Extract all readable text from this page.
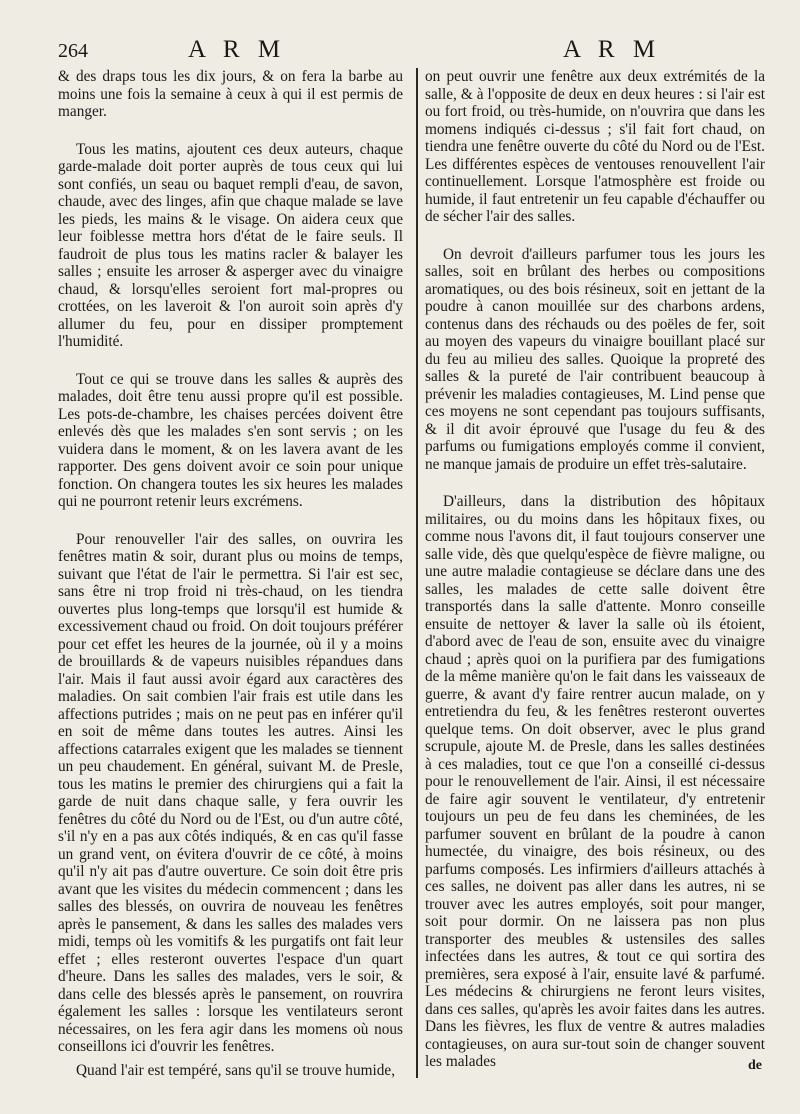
264	A R M	A R M

& des draps tous les dix jours, & on fera la barbe au moins une fois la semaine à ceux à qui il est permis de manger.

Tous les matins, ajoutent ces deux auteurs, chaque garde-malade doit porter auprès de tous ceux qui lui sont confiés, un seau ou baquet rempli d'eau, de savon, chaude, avec des linges, afin que chaque malade se lave les pieds, les mains & le visage. On aidera ceux que leur foiblesse mettra hors d'état de le faire seuls. Il faudroit de plus tous les matins racler & balayer les salles ; ensuite les arroser & asperger avec du vinaigre chaud, & lorsqu'elles seroient fort mal-propres ou crottées, on les laveroit & l'on auroit soin après d'y allumer du feu, pour en dissiper promptement l'humidité.

Tout ce qui se trouve dans les salles & auprès des malades, doit être tenu aussi propre qu'il est possible. Les pots-de-chambre, les chaises percées doivent être enlevés dès que les malades s'en sont servis ; on les vuidera dans le moment, & on les lavera avant de les rapporter. Des gens doivent avoir ce soin pour unique fonction. On changera toutes les six heures les malades qui ne pourront retenir leurs excrémens.

Pour renouveller l'air des salles, on ouvrira les fenêtres matin & soir, durant plus ou moins de temps, suivant que l'état de l'air le permettra. Si l'air est sec, sans être ni trop froid ni très-chaud, on les tiendra ouvertes plus long-temps que lorsqu'il est humide & excessivement chaud ou froid. On doit toujours préférer pour cet effet les heures de la journée, où il y a moins de brouillards & de vapeurs nuisibles répandues dans l'air. Mais il faut aussi avoir égard aux caractères des maladies. On sait combien l'air frais est utile dans les affections putrides ; mais on ne peut pas en inférer qu'il en soit de même dans toutes les autres. Ainsi les affections catarrales exigent que les malades se tiennent un peu chaudement. En général, suivant M. de Presle, tous les matins le premier des chirurgiens qui a fait la garde de nuit dans chaque salle, y fera ouvrir les fenêtres du côté du Nord ou de l'Est, ou d'un autre côté, s'il n'y en a pas aux côtés indiqués, & en cas qu'il fasse un grand vent, on évitera d'ouvrir de ce côté, à moins qu'il n'y ait pas d'autre ouverture. Ce soin doit être pris avant que les visites du médecin commencent ; dans les salles des blessés, on ouvrira de nouveau les fenêtres après le pansement, & dans les salles des malades vers midi, temps où les vomitifs & les purgatifs ont fait leur effet ; elles resteront ouvertes l'espace d'un quart d'heure. Dans les salles des malades, vers le soir, & dans celle des blessés après le pansement, on rouvrira également les salles : lorsque les ventilateurs seront nécessaires, on les fera agir dans les momens où nous conseillons ici d'ouvrir les fenêtres.

Quand l'air est tempéré, sans qu'il se trouve humide,

on peut ouvrir une fenêtre aux deux extrémités de la salle, & à l'opposite de deux en deux heures : si l'air est ou fort froid, ou très-humide, on n'ouvrira que dans les momens indiqués ci-dessus ; s'il fait fort chaud, on tiendra une fenêtre ouverte du côté du Nord ou de l'Est. Les différentes espèces de ventouses renouvellent l'air continuellement. Lorsque l'atmosphère est froide ou humide, il faut entretenir un feu capable d'échauffer ou de sécher l'air des salles.

On devroit d'ailleurs parfumer tous les jours les salles, soit en brûlant des herbes ou compositions aromatiques, ou des bois résineux, soit en jettant de la poudre à canon mouillée sur des charbons ardens, contenus dans des réchauds ou des poëles de fer, soit au moyen des vapeurs du vinaigre bouillant placé sur du feu au milieu des salles. Quoique la propreté des salles & la pureté de l'air contribuent beaucoup à prévenir les maladies contagieuses, M. Lind pense que ces moyens ne sont cependant pas toujours suffisants, & il dit avoir éprouvé que l'usage du feu & des parfums ou fumigations employés comme il convient, ne manque jamais de produire un effet très-salutaire.

D'ailleurs, dans la distribution des hôpitaux militaires, ou du moins dans les hôpitaux fixes, ou comme nous l'avons dit, il faut toujours conserver une salle vide, dès que quelqu'espèce de fièvre maligne, ou une autre maladie contagieuse se déclare dans une des salles, les malades de cette salle doivent être transportés dans la salle d'attente. Monro conseille ensuite de nettoyer & laver la salle où ils étoient, d'abord avec de l'eau de son, ensuite avec du vinaigre chaud ; après quoi on la purifiera par des fumigations de la même manière qu'on le fait dans les vaisseaux de guerre, & avant d'y faire rentrer aucun malade, on y entretiendra du feu, & les fenêtres resteront ouvertes quelque tems. On doit observer, avec le plus grand scrupule, ajoute M. de Presle, dans les salles destinées à ces maladies, tout ce que l'on a conseillé ci-dessus pour le renouvellement de l'air. Ainsi, il est nécessaire de faire agir souvent le ventilateur, d'y entretenir toujours un peu de feu dans les cheminées, de les parfumer souvent en brûlant de la poudre à canon humectée, du vinaigre, des bois résineux, ou des parfums composés. Les infirmiers d'ailleurs attachés à ces salles, ne doivent pas aller dans les autres, ni se trouver avec les autres employés, soit pour manger, soit pour dormir. On ne laissera pas non plus transporter des meubles & ustensiles des salles infectées dans les autres, & tout ce qui sortira des premières, sera exposé à l'air, ensuite lavé & parfumé. Les médecins & chirurgiens ne feront leurs visites, dans ces salles, qu'après les avoir faites dans les autres. Dans les fièvres, les flux de ventre & autres maladies contagieuses, on aura sur-tout soin de changer souvent les malades	de
